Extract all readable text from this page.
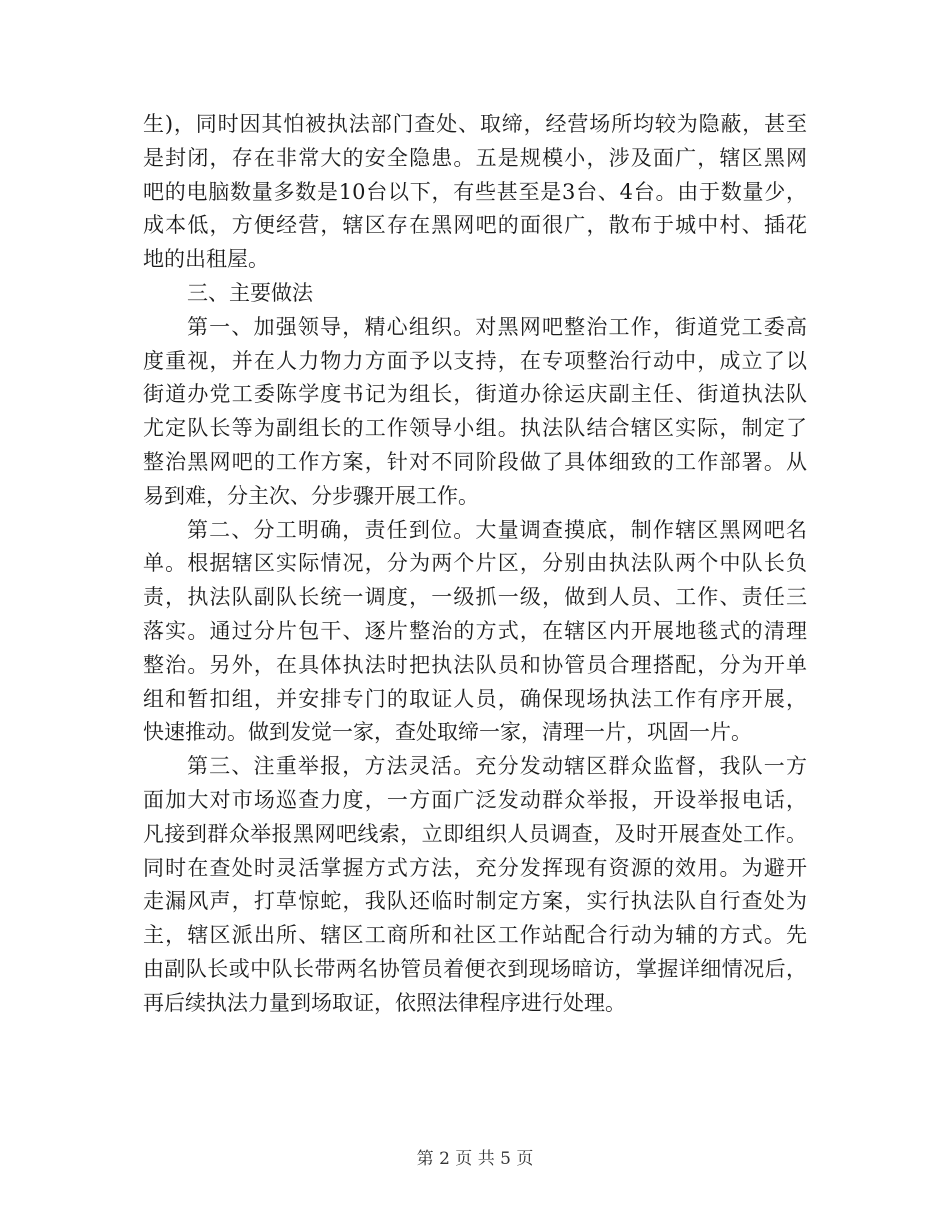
生)，同时因其怕被执法部门查处、取缔，经营场所均较为隐蔽，甚至
是封闭，存在非常大的安全隐患。五是规模小，涉及面广，辖区黑网
吧的电脑数量多数是10台以下，有些甚至是3台、4台。由于数量少，
成本低，方便经营，辖区存在黑网吧的面很广，散布于城中村、插花
地的出租屋。
三、主要做法
第一、加强领导，精心组织。对黑网吧整治工作，街道党工委高
度重视，并在人力物力方面予以支持，在专项整治行动中，成立了以
街道办党工委陈学度书记为组长，街道办徐运庆副主任、街道执法队
尤定队长等为副组长的工作领导小组。执法队结合辖区实际，制定了
整治黑网吧的工作方案，针对不同阶段做了具体细致的工作部署。从
易到难，分主次、分步骤开展工作。
第二、分工明确，责任到位。大量调查摸底，制作辖区黑网吧名
单。根据辖区实际情况，分为两个片区，分别由执法队两个中队长负
责，执法队副队长统一调度，一级抓一级，做到人员、工作、责任三
落实。通过分片包干、逐片整治的方式，在辖区内开展地毯式的清理
整治。另外，在具体执法时把执法队员和协管员合理搭配，分为开单
组和暂扣组，并安排专门的取证人员，确保现场执法工作有序开展，
快速推动。做到发觉一家，查处取缔一家，清理一片，巩固一片。
第三、注重举报，方法灵活。充分发动辖区群众监督，我队一方
面加大对市场巡查力度，一方面广泛发动群众举报，开设举报电话，
凡接到群众举报黑网吧线索，立即组织人员调查，及时开展查处工作。
同时在查处时灵活掌握方式方法，充分发挥现有资源的效用。为避开
走漏风声，打草惊蛇，我队还临时制定方案，实行执法队自行查处为
主，辖区派出所、辖区工商所和社区工作站配合行动为辅的方式。先
由副队长或中队长带两名协管员着便衣到现场暗访，掌握详细情况后，
再后续执法力量到场取证，依照法律程序进行处理。
第 2 页 共 5 页
